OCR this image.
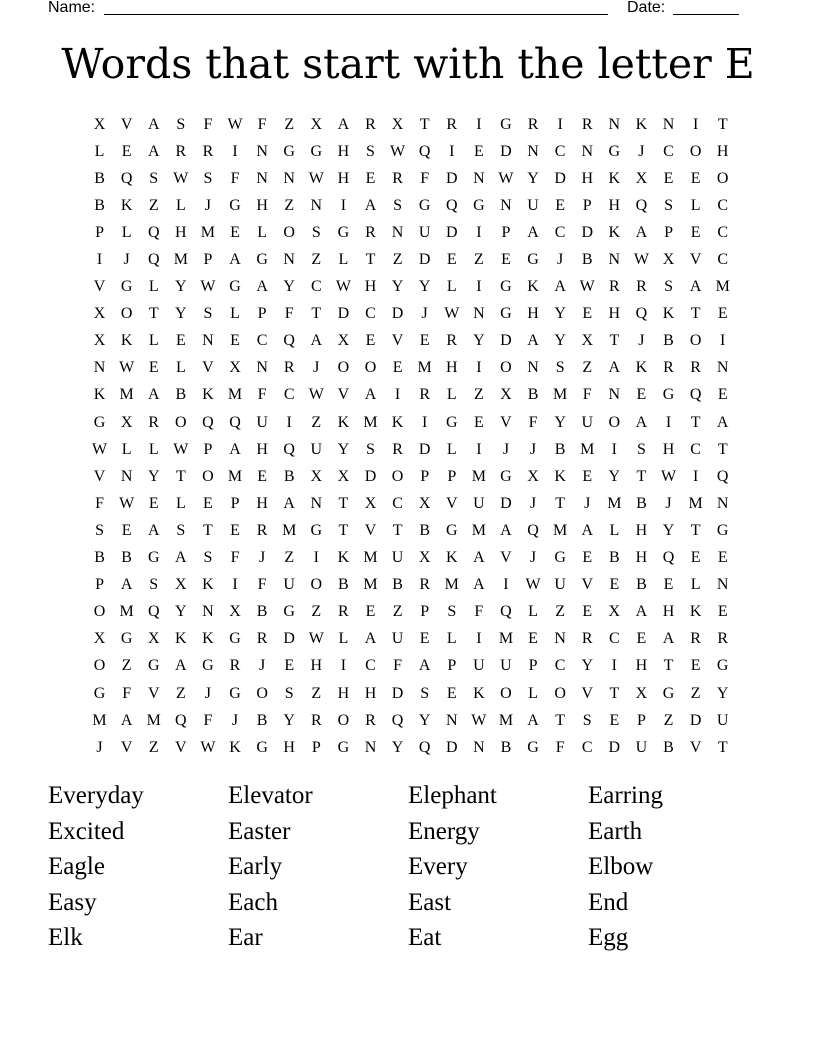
Name:	Date:
Words that start with the letter E
X V A	S	F W F	Z	X A R X	T	R	I	G R	I	R N K N	I	T
L	E	A R	R	I	N G G H	S W Q	I	E	D N C N G	J	C O H
B Q	S W S	F	N N W H	E	R	F	D N W Y D H K X	E	E	O
B K	Z	L	J	G H	Z	N	I	A	S	G Q G N U	E	P	H Q	S	L	C
P	L	Q H M E	L	O	S	G R N U D	I	P	A C D K A	P	E	C
I	J	Q M P	A G N	Z	L	T	Z	D	E	Z	E	G	J	B N W X V C
V G	L	Y W G A Y C W H Y Y	L	I	G K A W R	R	S	A M
X O	T	Y	S	L	P	F	T	D C D	J	W N G H Y	E	H Q K	T	E
X K	L	E	N	E	C Q A X	E	V	E	R Y D A Y X	T	J	B O	I
N W E	L	V X N R	J	O O	E M H	I	O N	S	Z	A K R	R N
K M A B K M F	C W V A	I	R	L	Z	X B M F	N	E	G Q	E
G X R O Q Q U	I	Z	K M K	I	G	E	V	F	Y U O A	I	T	A
W L	L W P	A H Q U Y	S	R D	L	I	J	J	B M	I	S	H C	T
V N Y	T	O M E	B X X D O	P	P M G X K	E	Y	T W	I	Q
F W E	L	E	P	H A N	T	X C X V U D	J	T	J	M B	J	M N
S	E	A	S	T	E	R M G	T	V	T	B G M A Q M A	L	H Y	T	G
B	B G A	S	F	J	Z	I	K M U X K A V	J	G	E	B H Q	E	E
P	A	S	X K	I	F	U O B M B	R M A	I	W U V	E	B	E	L	N
O M Q Y N X B G	Z	R	E	Z	P	S	F	Q	L	Z	E	X A H K	E
X G X K K G R D W L	A U	E	L	I	M E	N R	C	E	A R	R
O	Z	G A G R	J	E	H	I	C	F	A	P	U U	P	C Y	I	H	T	E	G
G	F	V	Z	J	G O	S	Z	H H D	S	E	K O	L	O V	T	X G	Z	Y
M A M Q	F	J	B Y R O R Q Y N W M A	T	S	E	P	Z	D U
J	V	Z	V W K G H	P	G N Y Q D N B G	F	C D U B V	T
Everyday	Elevator	Elephant	Earring
Excited	Easter	Energy	Earth
Eagle	Early	Every	Elbow
Easy	Each	East	End
Elk	Ear	Eat	Egg
